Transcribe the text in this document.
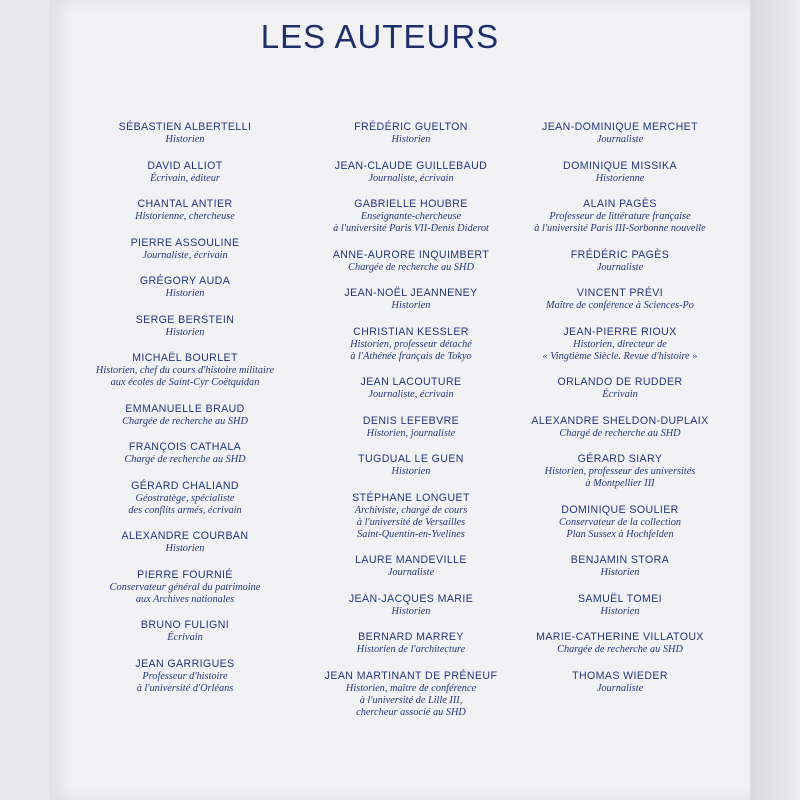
LES AUTEURS
SÉBASTIEN ALBERTELLI
Historien
DAVID ALLIOT
Écrivain, éditeur
CHANTAL ANTIER
Historienne, chercheuse
PIERRE ASSOULINE
Journaliste, écrivain
GRÉGORY AUDA
Historien
SERGE BERSTEIN
Historien
MICHAËL BOURLET
Historien, chef du cours d'histoire militaire
aux écoles de Saint-Cyr Coëtquidan
EMMANUELLE BRAUD
Chargée de recherche au SHD
FRANÇOIS CATHALA
Chargé de recherche au SHD
GÉRARD CHALIAND
Géostratège, spécialiste
des conflits armés, écrivain
ALEXANDRE COURBAN
Historien
PIERRE FOURNIÉ
Conservateur général du patrimoine
aux Archives nationales
BRUNO FULIGNI
Écrivain
JEAN GARRIGUES
Professeur d'histoire
à l'université d'Orléans
FRÉDÉRIC GUELTON
Historien
JEAN-CLAUDE GUILLEBAUD
Journaliste, écrivain
GABRIELLE HOUBRE
Enseignante-chercheuse
à l'université Paris VII-Denis Diderot
ANNE-AURORE INQUIMBERT
Chargée de recherche au SHD
JEAN-NOËL JEANNENEY
Historien
CHRISTIAN KESSLER
Historien, professeur détaché
à l'Athénée français de Tokyo
JEAN LACOUTURE
Journaliste, écrivain
DENIS LEFEBVRE
Historien, journaliste
TUGDUAL LE GUEN
Historien
STÉPHANE LONGUET
Archiviste, chargé de cours
à l'université de Versailles
Saint-Quentin-en-Yvelines
LAURE MANDEVILLE
Journaliste
JEAN-JACQUES MARIE
Historien
BERNARD MARREY
Historien de l'architecture
JEAN MARTINANT DE PRÉNEUF
Historien, maître de conférence
à l'université de Lille III,
chercheur associé au SHD
JEAN-DOMINIQUE MERCHET
Journaliste
DOMINIQUE MISSIKA
Historienne
ALAIN PAGÈS
Professeur de littérature française
à l'université Paris III-Sorbonne nouvelle
FRÉDÉRIC PAGÈS
Journaliste
VINCENT PRÉVI
Maître de conférence à Sciences-Po
JEAN-PIERRE RIOUX
Historien, directeur de
« Vingtième Siècle. Revue d'histoire »
ORLANDO DE RUDDER
Écrivain
ALEXANDRE SHELDON-DUPLAIX
Chargé de recherche au SHD
GÉRARD SIARY
Historien, professeur des universités
à Montpellier III
DOMINIQUE SOULIER
Conservateur de la collection
Plan Sussex à Hochfelden
BENJAMIN STORA
Historien
SAMUËL TOMEI
Historien
MARIE-CATHERINE VILLATOUX
Chargée de recherche au SHD
THOMAS WIEDER
Journaliste
